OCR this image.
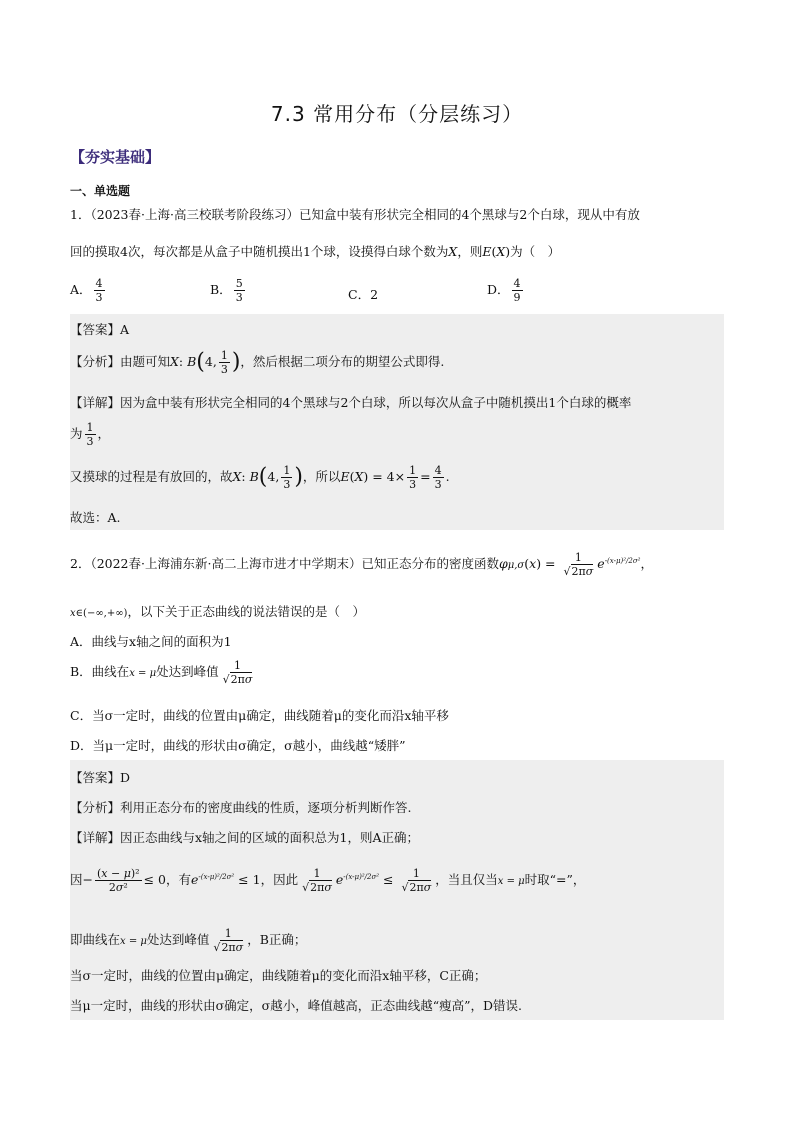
7.3 常用分布（分层练习）
【夯实基础】
一、单选题
1．（2023春·上海·高三校联考阶段练习）已知盒中装有形状完全相同的4个黑球与2个白球，现从中有放
回的摸取4次，每次都是从盒子中随机摸出1个球，设摸得白球个数为X，则E(X)为（　）
A． $\frac{4}{3}$	B． $\frac{5}{3}$	C．2	D． $\frac{4}{9}$
【答案】A
【分析】由题可知X: B(4, $\frac{1}{3}$ )，然后根据二项分布的期望公式即得.
【详解】因为盒中装有形状完全相同的4个黑球与2个白球，所以每次从盒子中随机摸出1个白球的概率
为 $\frac{1}{3}$ ，
又摸球的过程是有放回的，故X: B(4, $\frac{1}{3}$ )，所以$E(X) = 4\times \frac{1}{3} = \frac{4}{3}$ .
故选：A.
2．（2022春·上海浦东新·高二上海市进才中学期末）已知正态分布的密度函数$\varphi\mu,\sigma(x) = \frac{1}{√2\pi\sigma} e^{-(x-\mu)^2/2\sigma^2}$，
x∈(−∞,+∞)，以下关于正态曲线的说法错误的是（　）
A．曲线与x轴之间的面积为1
B．曲线在x = μ处达到峰值 $\frac{1}{√2\pi\sigma}$
C．当σ一定时，曲线的位置由μ确定，曲线随着μ的变化而沿x轴平移
D．当μ一定时，曲线的形状由σ确定，σ越小，曲线越“矮胖”
【答案】D
【分析】利用正态分布的密度曲线的性质，逐项分析判断作答.
【详解】因正态曲线与x轴之间的区域的面积总为1，则A正确；
因− $\frac{\text{(x − μ)²}}{\text{2σ²}} \le 0$，有$e^{-(x-\mu)^2/2\sigma^2} \le 1$，因此 $\frac{1}{√2\pi\sigma} e^{-(x-\mu)^2/2\sigma^2} \le \frac{1}{√2\pi\sigma}$ ，当且仅当x = μ时取“=”，
即曲线在x = μ处达到峰值 $\frac{1}{√2\pi\sigma}$ ，B正确；
当σ一定时，曲线的位置由μ确定，曲线随着μ的变化而沿x轴平移，C正确；
当μ一定时，曲线的形状由σ确定，σ越小，峰值越高，正态曲线越“瘦高”，D错误.
